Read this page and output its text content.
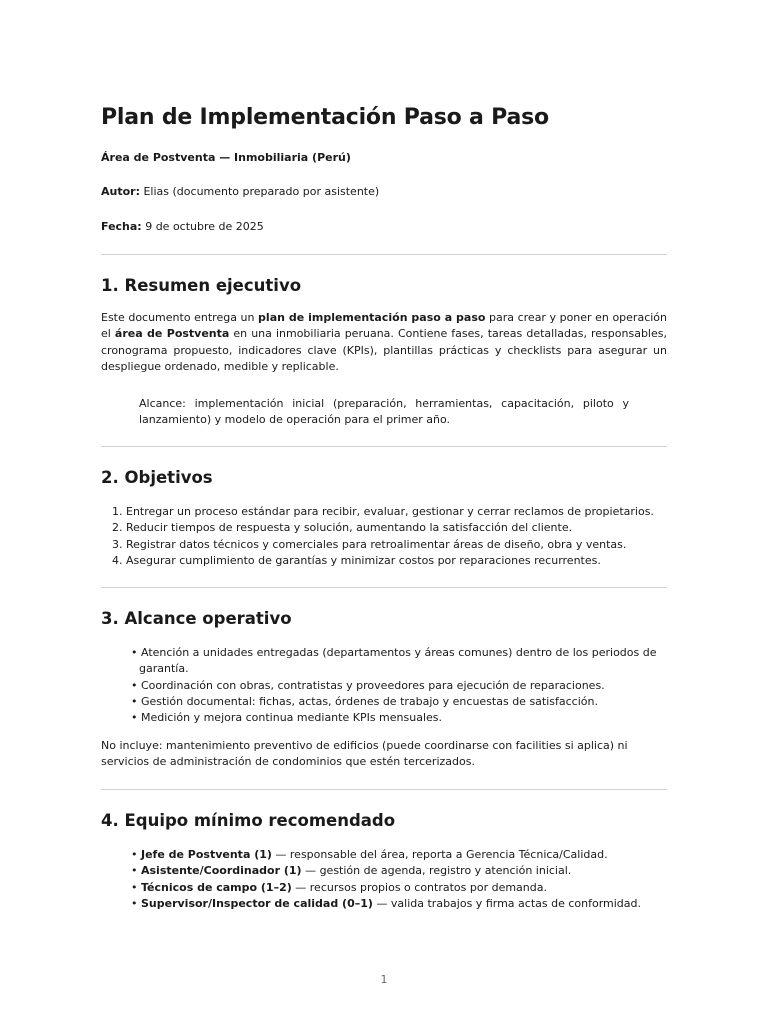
Plan de Implementación Paso a Paso

Área de Postventa — Inmobiliaria (Perú)

Autor: Elias (documento preparado por asistente)

Fecha: 9 de octubre de 2025

1. Resumen ejecutivo

Este documento entrega un plan de implementación paso a paso para crear y poner en operación el área de Postventa en una inmobiliaria peruana. Contiene fases, tareas detalladas, responsables, cronograma propuesto, indicadores clave (KPIs), plantillas prácticas y checklists para asegurar un despliegue ordenado, medible y replicable.

Alcance: implementación inicial (preparación, herramientas, capacitación, piloto y lanzamiento) y modelo de operación para el primer año.

2. Objetivos
1. Entregar un proceso estándar para recibir, evaluar, gestionar y cerrar reclamos de propietarios.
2. Reducir tiempos de respuesta y solución, aumentando la satisfacción del cliente.
3. Registrar datos técnicos y comerciales para retroalimentar áreas de diseño, obra y ventas.
4. Asegurar cumplimiento de garantías y minimizar costos por reparaciones recurrentes.
3. Alcance operativo
• Atención a unidades entregadas (departamentos y áreas comunes) dentro de los periodos de garantía.
• Coordinación con obras, contratistas y proveedores para ejecución de reparaciones.
• Gestión documental: fichas, actas, órdenes de trabajo y encuestas de satisfacción.
• Medición y mejora continua mediante KPIs mensuales.

No incluye: mantenimiento preventivo de edificios (puede coordinarse con facilities si aplica) ni servicios de administración de condominios que estén tercerizados.

4. Equipo mínimo recomendado
• Jefe de Postventa (1) — responsable del área, reporta a Gerencia Técnica/Calidad.
• Asistente/Coordinador (1) — gestión de agenda, registro y atención inicial.
• Técnicos de campo (1–2) — recursos propios o contratos por demanda.
• Supervisor/Inspector de calidad (0–1) — valida trabajos y firma actas de conformidad.
1
